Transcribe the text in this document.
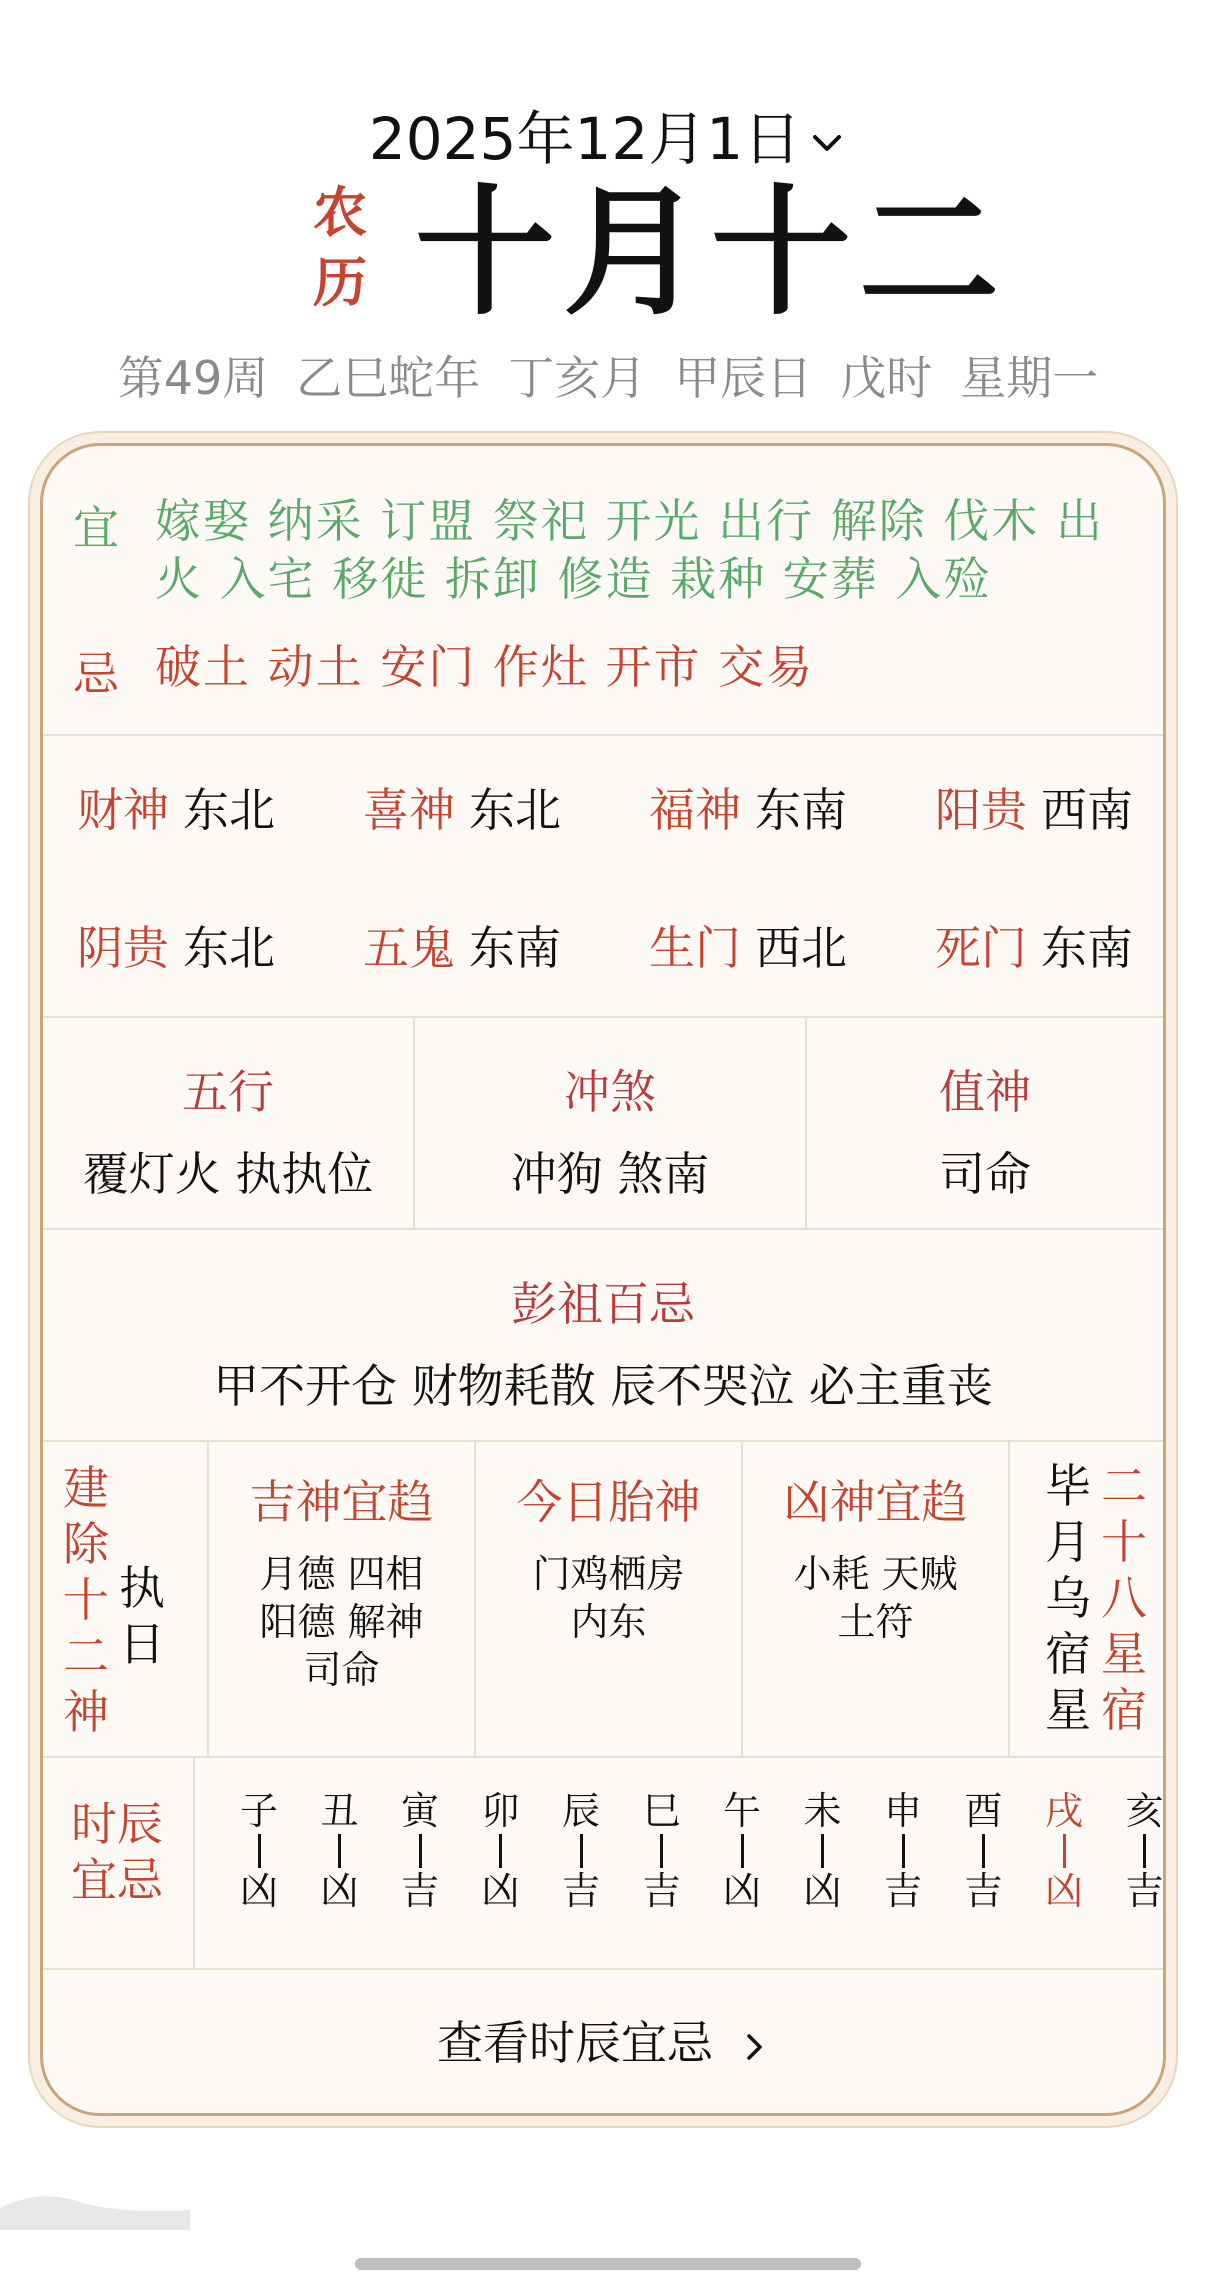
2025年12月1日
农
历 十月十二
第49周 乙巳蛇年 丁亥月 甲辰日 戊时 星期一
宜 嫁娶 纳采 订盟 祭祀 开光 出行 解除 伐木 出火 入宅 移徙 拆卸 修造 栽种 安葬 入殓
忌 破土 动土 安门 作灶 开市 交易
财神 东北 喜神 东北 福神 东南 阳贵 西南
阴贵 东北 五鬼 东南 生门 西北 死门 东南
五行
覆灯火 执执位
冲煞
冲狗 煞南
值神
司命
彭祖百忌
甲不开仓 财物耗散 辰不哭泣 必主重丧
建除十二神
执日
吉神宜趋
月德 四相 阳德 解神 司命
今日胎神
门鸡栖房内东
凶神宜趋
小耗 天贼 土符
毕月乌宿星
二十八星宿
时辰宜忌
子
凶
丑
凶
寅
吉
卯
凶
辰
吉
巳
吉
午
凶
未
凶
申
吉
酉
吉
戌
凶
亥
吉
查看时辰宜忌
